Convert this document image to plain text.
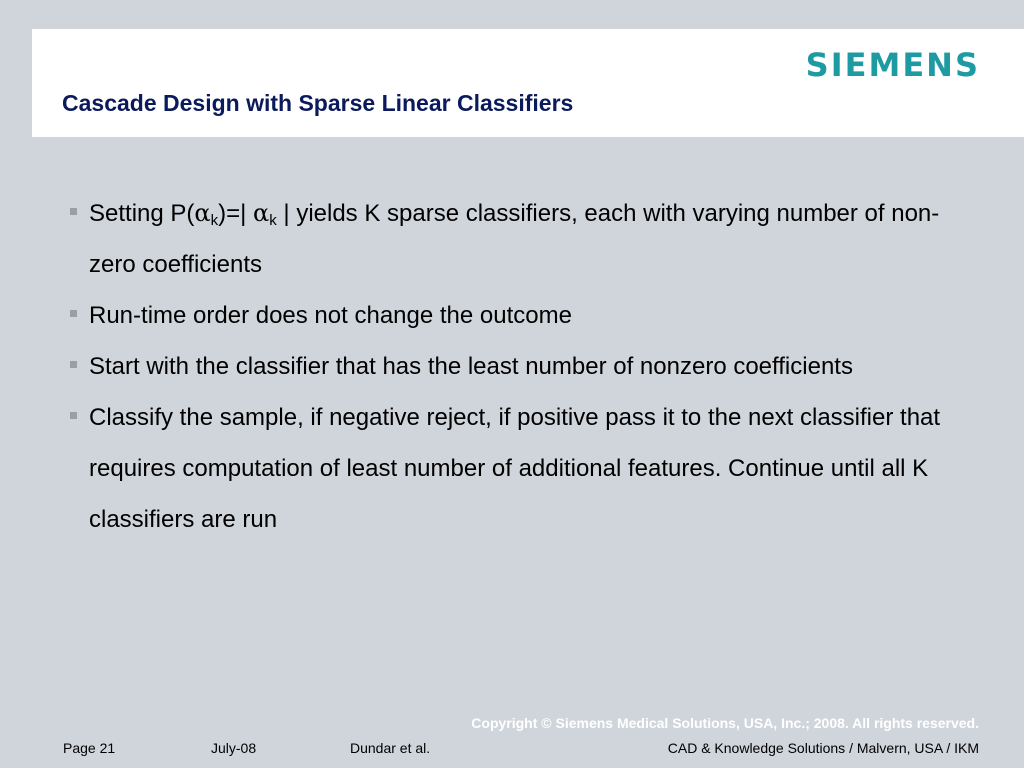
SIEMENS
Cascade Design with Sparse Linear Classifiers
Setting $P(\alpha_k)=|$ $\alpha_k$ | yields K sparse classifiers, each with varying number of non-zero coefficients
Run-time order does not change the outcome
Start with the classifier that has the least number of nonzero coefficients
Classify the sample, if negative reject, if positive pass it to the next classifier that requires computation of least number of additional features. Continue until all K classifiers are run
Copyright © Siemens Medical Solutions, USA, Inc.; 2008. All rights reserved.
Page 21	July-08	Dundar et al.	CAD & Knowledge Solutions / Malvern, USA / IKM
